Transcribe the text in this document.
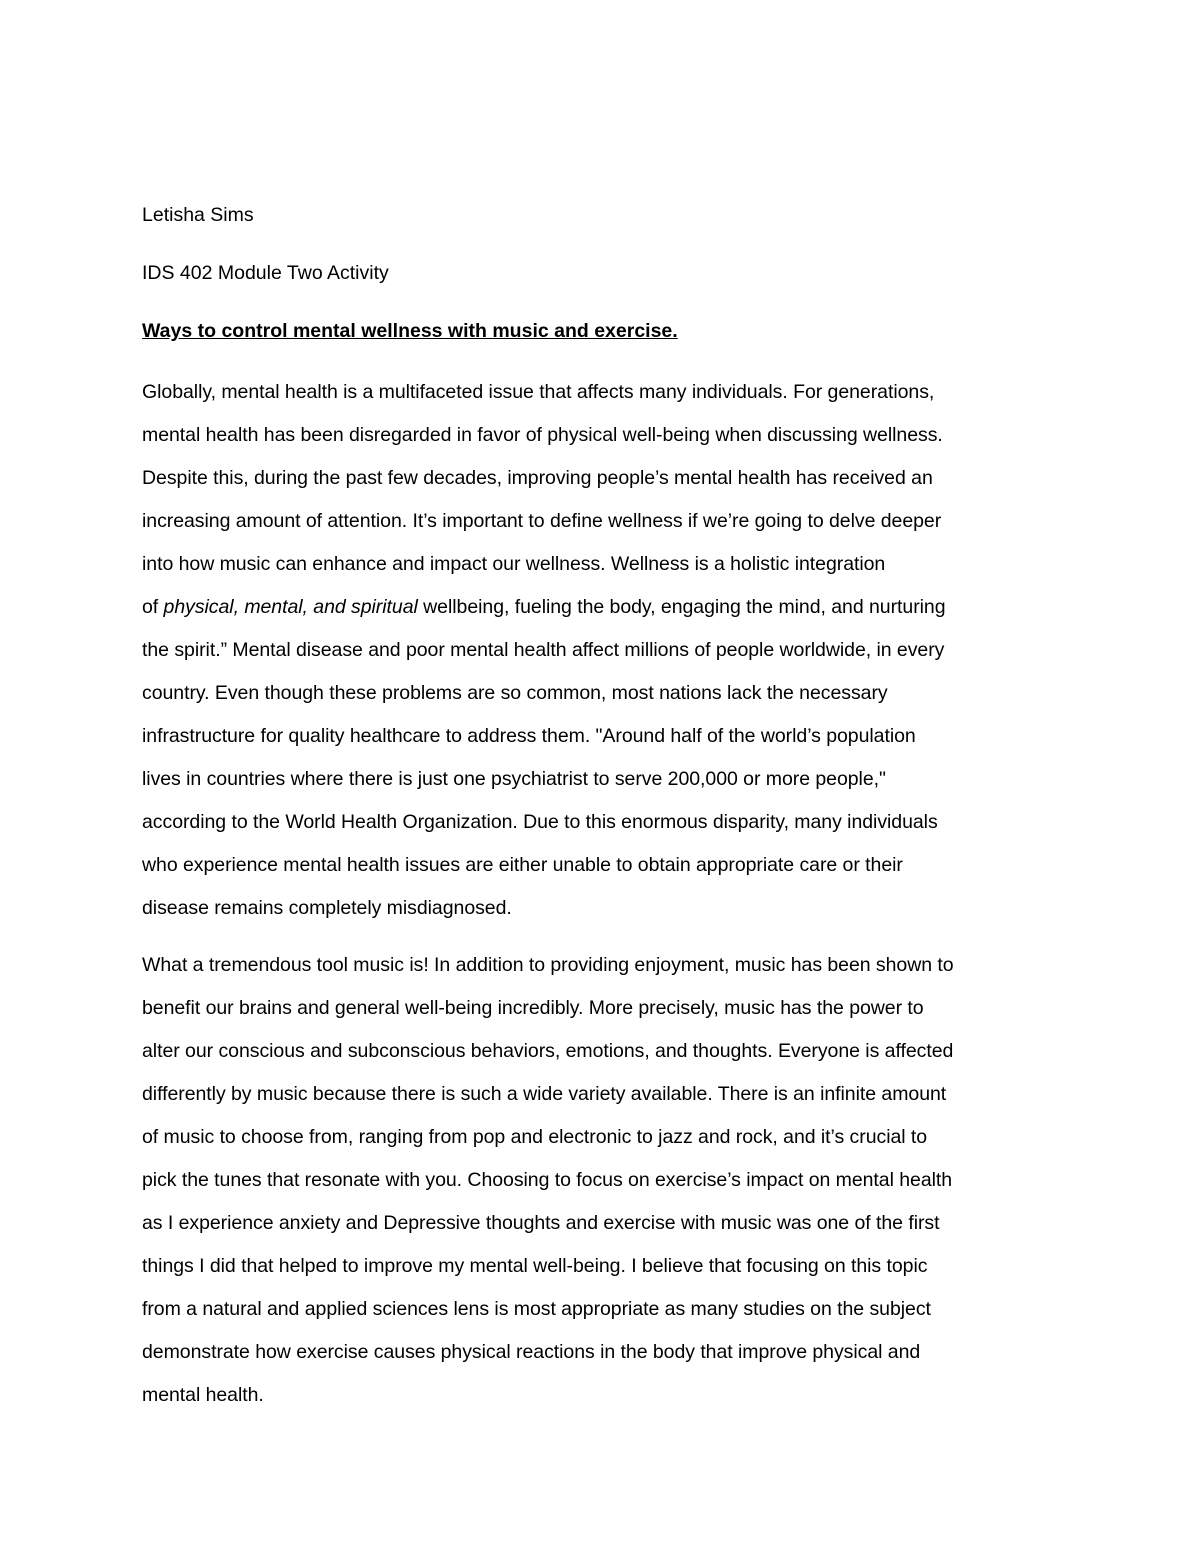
Letisha Sims

IDS 402 Module Two Activity

Ways to control mental wellness with music and exercise.

Globally, mental health is a multifaceted issue that affects many individuals. For generations,
mental health has been disregarded in favor of physical well-being when discussing wellness.
Despite this, during the past few decades, improving people’s mental health has received an
increasing amount of attention. It’s important to define wellness if we’re going to delve deeper
into how music can enhance and impact our wellness. Wellness is a holistic integration
of physical, mental, and spiritual wellbeing, fueling the body, engaging the mind, and nurturing
the spirit.” Mental disease and poor mental health affect millions of people worldwide, in every
country. Even though these problems are so common, most nations lack the necessary
infrastructure for quality healthcare to address them. "Around half of the world’s population
lives in countries where there is just one psychiatrist to serve 200,000 or more people,"
according to the World Health Organization. Due to this enormous disparity, many individuals
who experience mental health issues are either unable to obtain appropriate care or their
disease remains completely misdiagnosed.

What a tremendous tool music is! In addition to providing enjoyment, music has been shown to
benefit our brains and general well-being incredibly. More precisely, music has the power to
alter our conscious and subconscious behaviors, emotions, and thoughts. Everyone is affected
differently by music because there is such a wide variety available. There is an infinite amount
of music to choose from, ranging from pop and electronic to jazz and rock, and it’s crucial to
pick the tunes that resonate with you. Choosing to focus on exercise’s impact on mental health
as I experience anxiety and Depressive thoughts and exercise with music was one of the first
things I did that helped to improve my mental well-being. I believe that focusing on this topic
from a natural and applied sciences lens is most appropriate as many studies on the subject
demonstrate how exercise causes physical reactions in the body that improve physical and
mental health.
